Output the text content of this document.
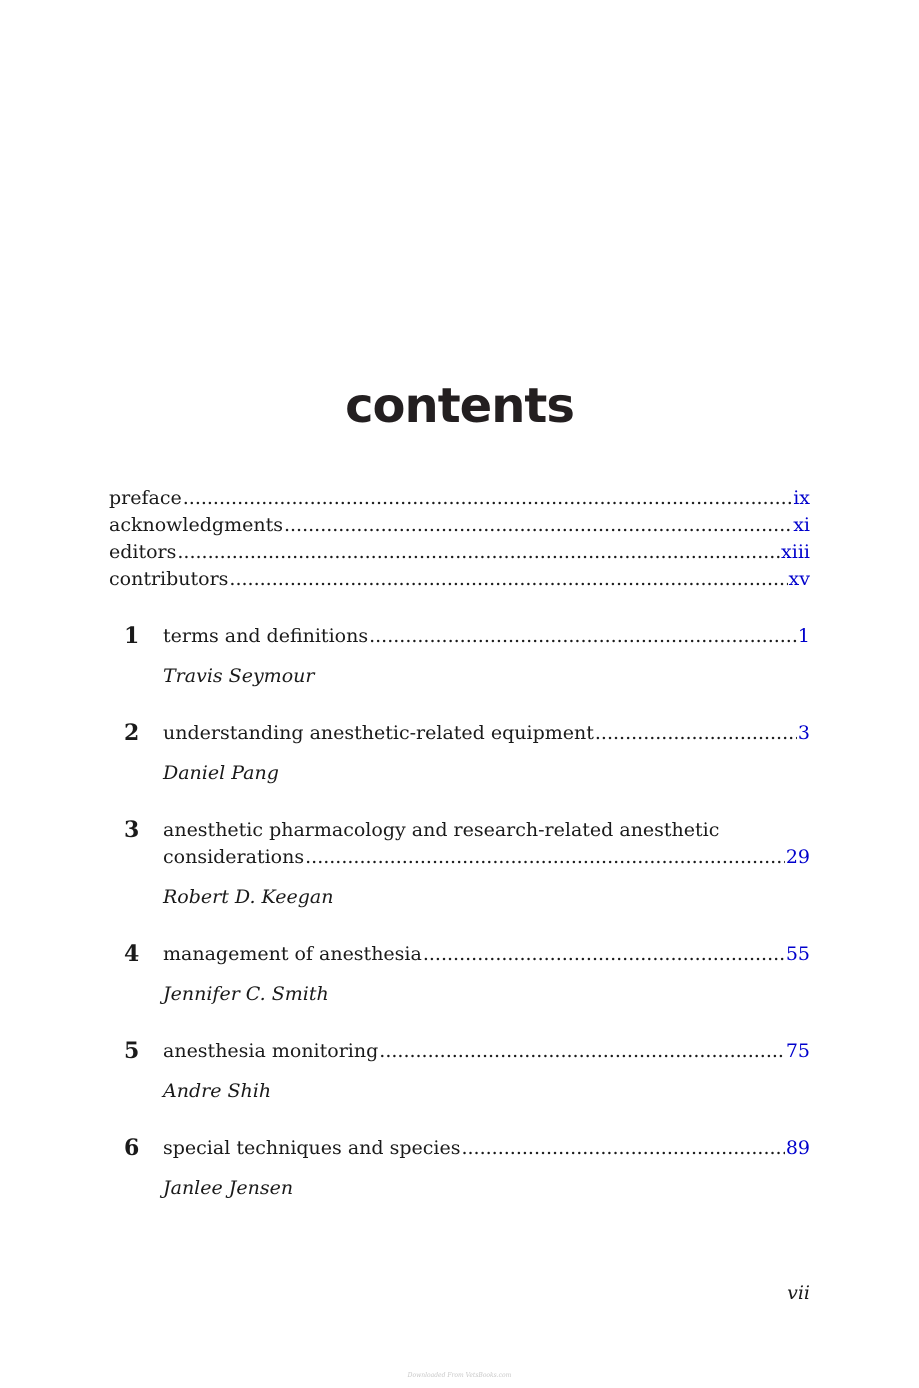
contents
preface .....	ix
acknowledgments .....	xi
editors .....	xiii
contributors .....	xv
1 terms and definitions .....	1
Travis Seymour
2 understanding anesthetic-related equipment .....	3
Daniel Pang
3 anesthetic pharmacology and research-related anesthetic
considerations .....	29
Robert D. Keegan
4 management of anesthesia .....	55
Jennifer C. Smith
5 anesthesia monitoring .....	75
Andre Shih
6 special techniques and species .....	89
Janlee Jensen
vii
Downloaded From VetsBooks.com
